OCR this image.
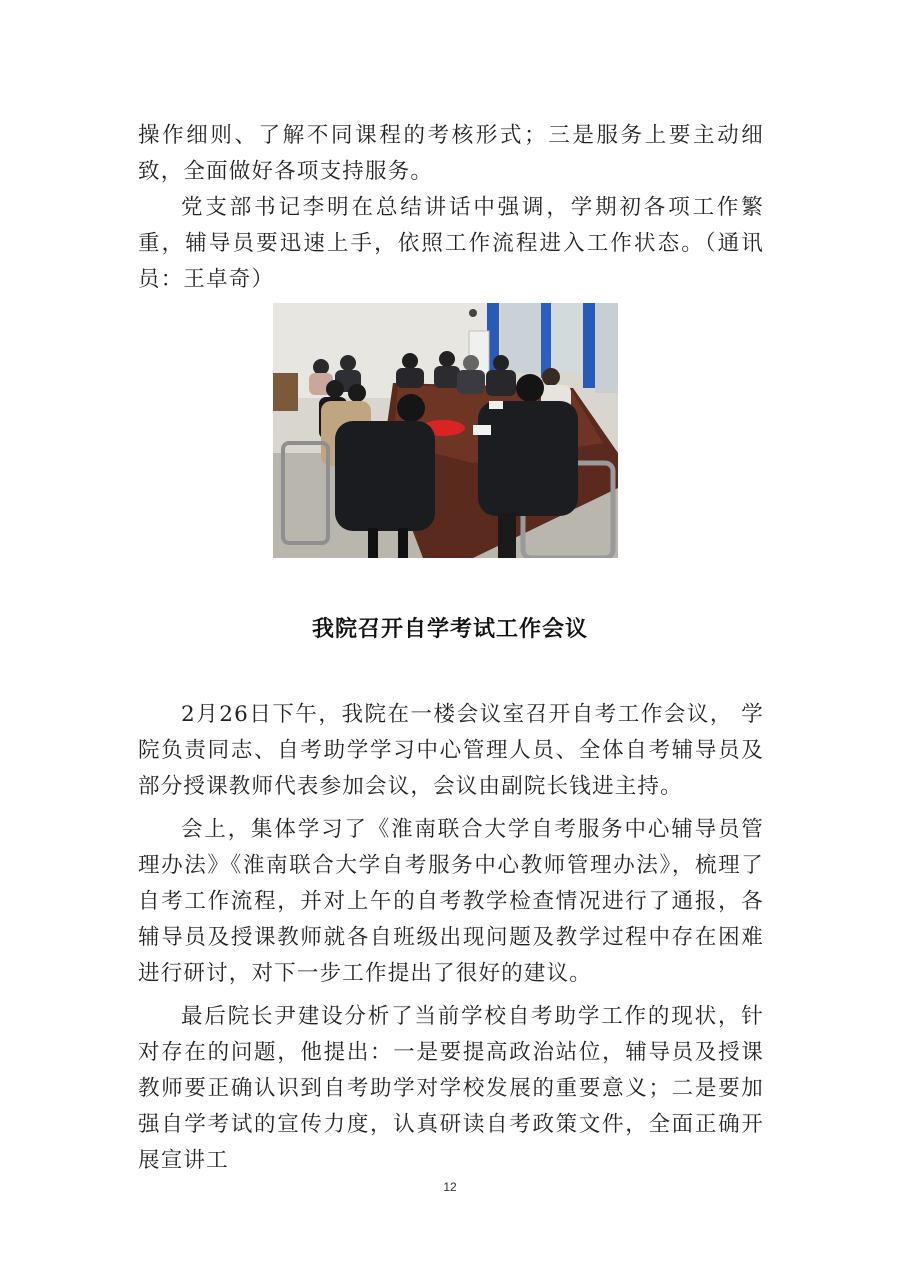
操作细则、了解不同课程的考核形式；三是服务上要主动细致，全面做好各项支持服务。

党支部书记李明在总结讲话中强调，学期初各项工作繁重，辅导员要迅速上手，依照工作流程进入工作状态。（通讯员：王卓奇）

我院召开自学考试工作会议

2月26日下午，我院在一楼会议室召开自考工作会议， 学院负责同志、自考助学学习中心管理人员、全体自考辅导员及部分授课教师代表参加会议，会议由副院长钱进主持。

会上，集体学习了《淮南联合大学自考服务中心辅导员管理办法》《淮南联合大学自考服务中心教师管理办法》，梳理了自考工作流程，并对上午的自考教学检查情况进行了通报，各辅导员及授课教师就各自班级出现问题及教学过程中存在困难进行研讨，对下一步工作提出了很好的建议。

最后院长尹建设分析了当前学校自考助学工作的现状，针对存在的问题，他提出：一是要提高政治站位，辅导员及授课教师要正确认识到自考助学对学校发展的重要意义；二是要加强自学考试的宣传力度，认真研读自考政策文件，全面正确开展宣讲工

12
